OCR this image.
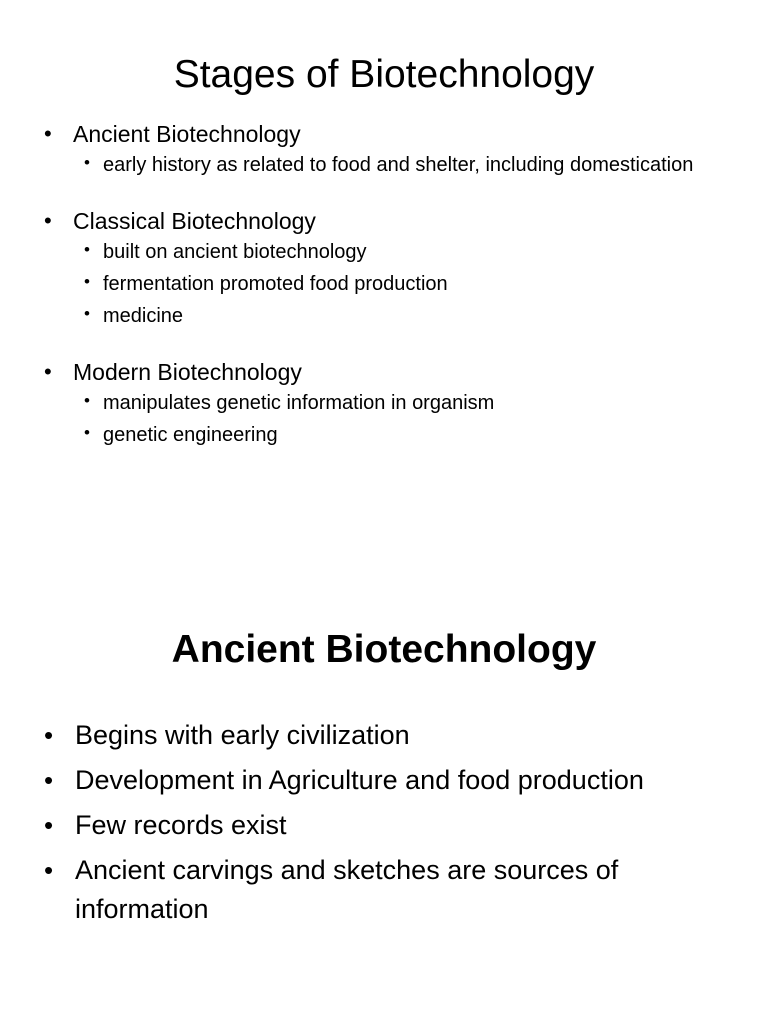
Stages of Biotechnology
• Ancient Biotechnology
• early history as related to food and shelter, including domestication
• Classical Biotechnology
• built on ancient biotechnology
• fermentation promoted food production
• medicine
• Modern Biotechnology
• manipulates genetic information in organism
• genetic engineering
Ancient Biotechnology
• Begins with early civilization
• Development in Agriculture and food production
• Few records exist
• Ancient carvings and sketches are sources of information
